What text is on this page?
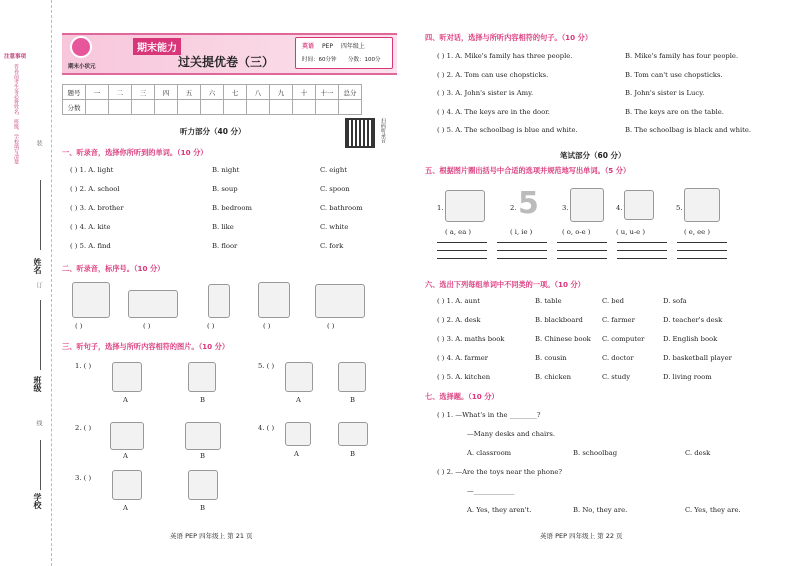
注意事项
答卷前考生务必将姓名、班级、学校填写清楚	装
姓名
订
班级
线
学校
期末小状元
期末能力
过关提优卷（三）
英语 PEP 四年级上
时间：60分钟 分数：100分
题号	一	二	三	四	五	六	七	八	九	十	十一	总分
分数												
扫码听录音
听力部分（40 分）
一、听录音，选择你所听到的单词。（10 分）
( ) 1. A. light	B. night	C. eight
( ) 2. A. school	B. soup	C. spoon
( ) 3. A. brother	B. bedroom	C. bathroom
( ) 4. A. kite	B. like	C. white
( ) 5. A. find	B. floor	C. fork
二、听录音，标序号。（10 分）
( )	( )	( )	( )	( )
三、听句子，选择与所听内容相符的图片。（10 分）
1. ( )
A	B
2. ( )
A	B
3. ( )
A	B
4. ( )
A	B
5. ( )
A	B
英语 PEP 四年级上 第 21 页
四、听对话，选择与所听内容相符的句子。（10 分）
( ) 1. A. Mike's family has three people.	B. Mike's family has four people.
( ) 2. A. Tom can use chopsticks.	B. Tom can't use chopsticks.
( ) 3. A. John's sister is Amy.	B. John's sister is Lucy.
( ) 4. A. The keys are in the door.	B. The keys are on the table.
( ) 5. A. The schoolbag is blue and white.	B. The schoolbag is black and white.
笔试部分（60 分）
五、根据图片圈出括号中合适的选项并规范地写出单词。（5 分）
1.
( a, ea )
2. 5
( i, ie )
3.
( o, o-e )
4.
( u, u-e )
5.
( e, ee )
六、选出下列每组单词中不同类的一项。（10 分）
( ) 1. A. aunt	B. table	C. bed	D. sofa
( ) 2. A. desk	B. blackboard	C. farmer	D. teacher's desk
( ) 3. A. maths book	B. Chinese book C. computer	D. English book
( ) 4. A. farmer	B. cousin	C. doctor	D. basketball player
( ) 5. A. kitchen	B. chicken	C. study	D. living room
七、选择题。（10 分）
( ) 1. —What's in the ________?
—Many desks and chairs.
A. classroom	B. schoolbag	C. desk
( ) 2. —Are the toys near the phone?
—____________
A. Yes, they aren't.	B. No, they are.	C. Yes, they are.
英语 PEP 四年级上 第 22 页
